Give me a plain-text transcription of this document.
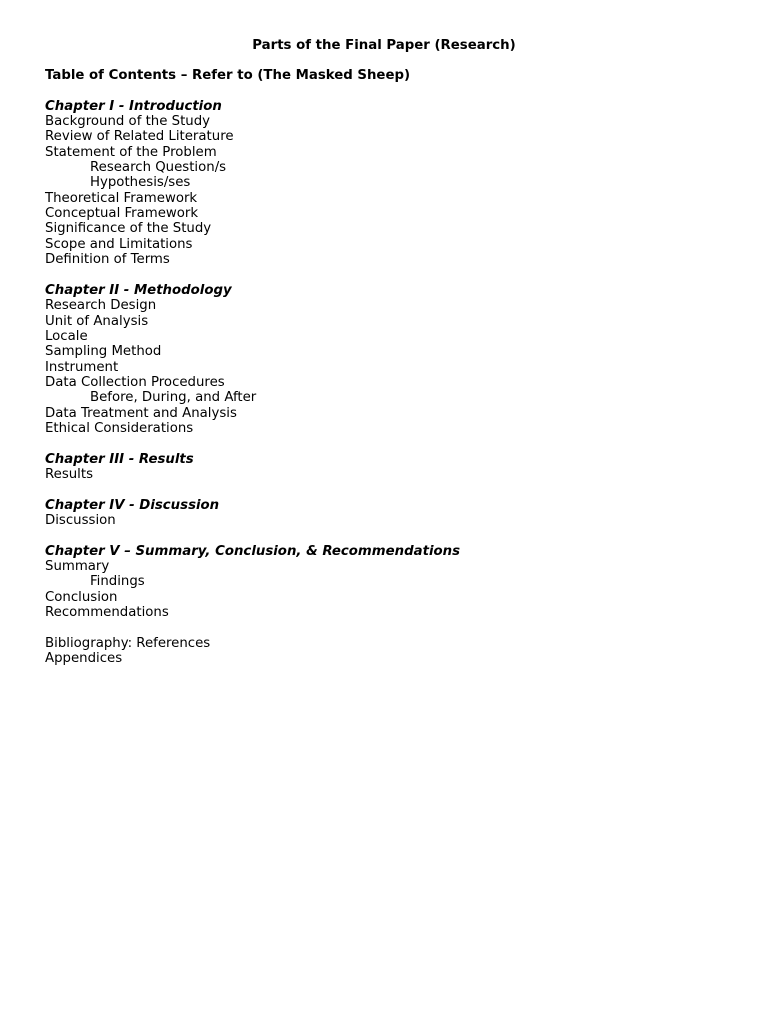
Parts of the Final Paper (Research)
Table of Contents – Refer to (The Masked Sheep)
Chapter I - Introduction
Background of the Study
Review of Related Literature
Statement of the Problem
Research Question/s
Hypothesis/ses
Theoretical Framework
Conceptual Framework
Significance of the Study
Scope and Limitations
Definition of Terms
Chapter II - Methodology
Research Design
Unit of Analysis
Locale
Sampling Method
Instrument
Data Collection Procedures
Before, During, and After
Data Treatment and Analysis
Ethical Considerations
Chapter III - Results
Results
Chapter IV - Discussion
Discussion
Chapter V – Summary, Conclusion, & Recommendations
Summary
Findings
Conclusion
Recommendations
Bibliography: References
Appendices
